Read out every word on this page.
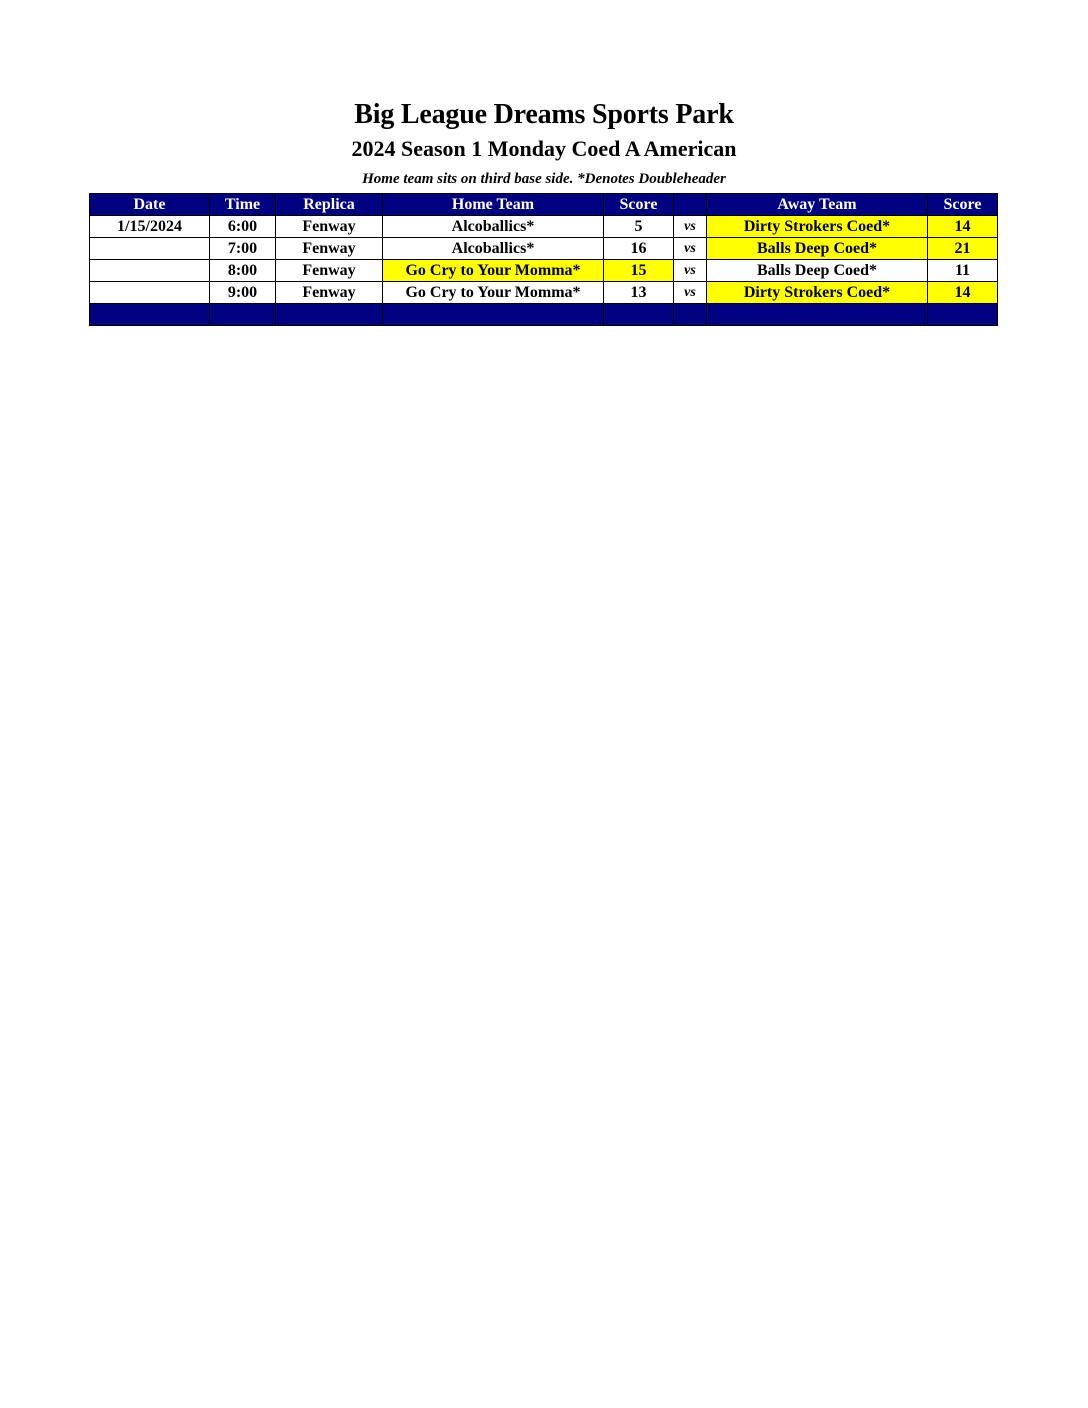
Big League Dreams Sports Park
2024 Season 1 Monday Coed A American
Home team sits on third base side. *Denotes Doubleheader
Date	Time	Replica	Home Team	Score		Away Team	Score
1/15/2024	6:00	Fenway	Alcoballics*	5	vs	Dirty Strokers Coed*	14
	7:00	Fenway	Alcoballics*	16	vs	Balls Deep Coed*	21
	8:00	Fenway	Go Cry to Your Momma*	15	vs	Balls Deep Coed*	11
	9:00	Fenway	Go Cry to Your Momma*	13	vs	Dirty Strokers Coed*	14
